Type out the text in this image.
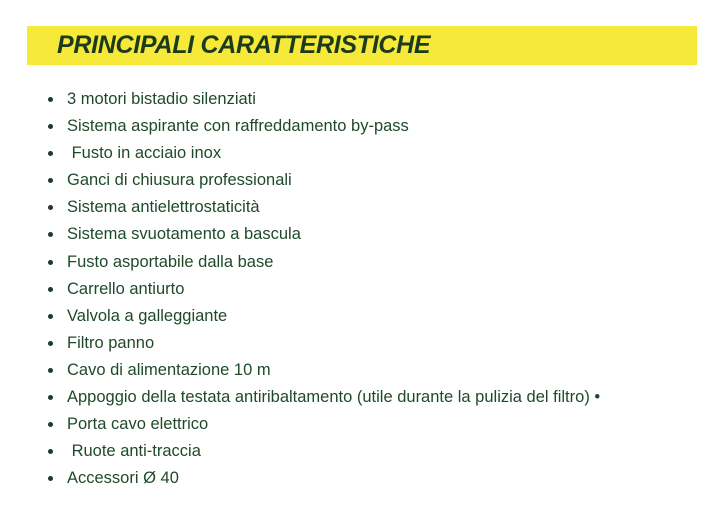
PRINCIPALI CARATTERISTICHE
3 motori bistadio silenziati
Sistema aspirante con raffreddamento by-pass
Fusto in acciaio inox
Ganci di chiusura professionali
Sistema antielettrostaticità
Sistema svuotamento a bascula
Fusto asportabile dalla base
Carrello antiurto
Valvola a galleggiante
Filtro panno
Cavo di alimentazione 10 m
Appoggio della testata antiribaltamento (utile durante la pulizia del filtro) •
Porta cavo elettrico
Ruote anti-traccia
Accessori Ø 40
